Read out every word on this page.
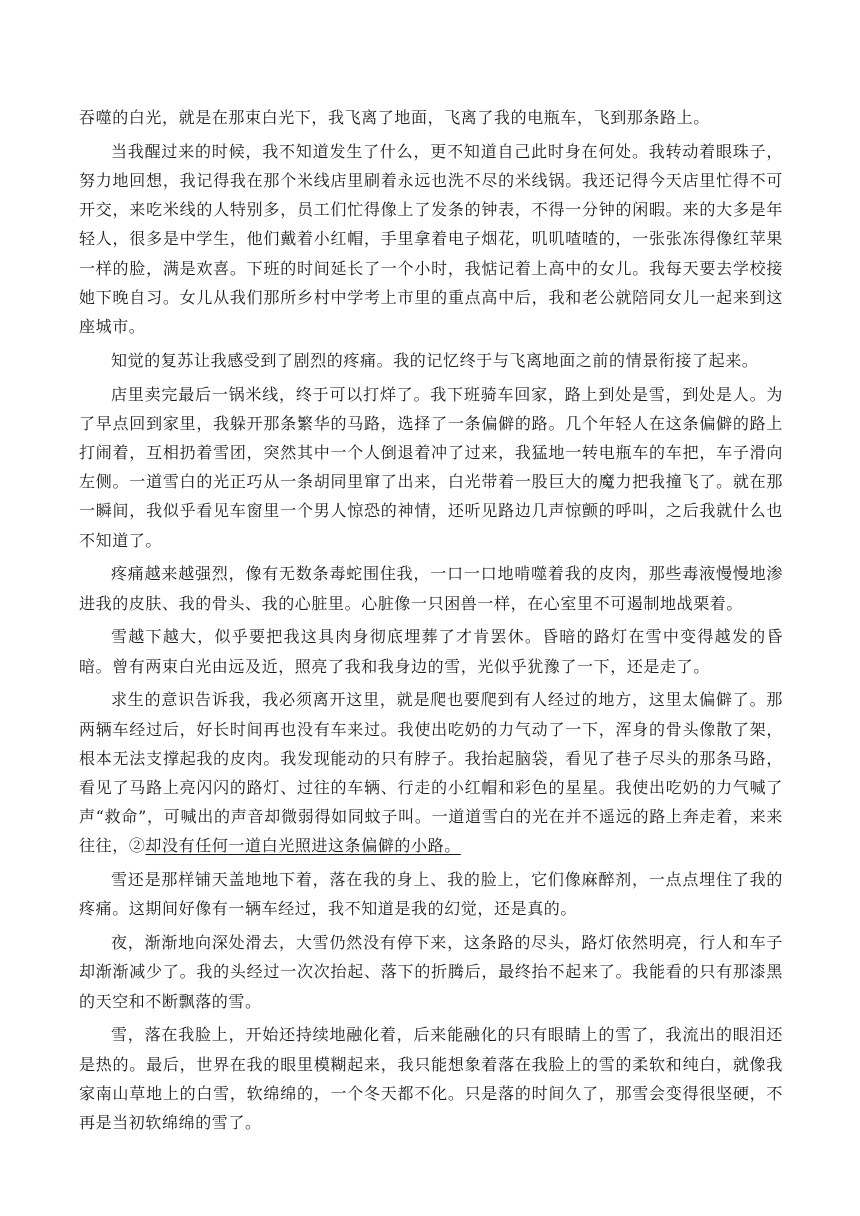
吞噬的白光，就是在那束白光下，我飞离了地面，飞离了我的电瓶车，飞到那条路上。

当我醒过来的时候，我不知道发生了什么，更不知道自己此时身在何处。我转动着眼珠子，努力地回想，我记得我在那个米线店里刷着永远也洗不尽的米线锅。我还记得今天店里忙得不可开交，来吃米线的人特别多，员工们忙得像上了发条的钟表，不得一分钟的闲暇。来的大多是年轻人，很多是中学生，他们戴着小红帽，手里拿着电子烟花，叽叽喳喳的，一张张冻得像红苹果一样的脸，满是欢喜。下班的时间延长了一个小时，我惦记着上高中的女儿。我每天要去学校接她下晚自习。女儿从我们那所乡村中学考上市里的重点高中后，我和老公就陪同女儿一起来到这座城市。

知觉的复苏让我感受到了剧烈的疼痛。我的记忆终于与飞离地面之前的情景衔接了起来。

店里卖完最后一锅米线，终于可以打烊了。我下班骑车回家，路上到处是雪，到处是人。为了早点回到家里，我躲开那条繁华的马路，选择了一条偏僻的路。几个年轻人在这条偏僻的路上打闹着，互相扔着雪团，突然其中一个人倒退着冲了过来，我猛地一转电瓶车的车把，车子滑向左侧。一道雪白的光正巧从一条胡同里窜了出来，白光带着一股巨大的魔力把我撞飞了。就在那一瞬间，我似乎看见车窗里一个男人惊恐的神情，还听见路边几声惊颤的呼叫，之后我就什么也不知道了。

疼痛越来越强烈，像有无数条毒蛇围住我，一口一口地啃噬着我的皮肉，那些毒液慢慢地渗进我的皮肤、我的骨头、我的心脏里。心脏像一只困兽一样，在心室里不可遏制地战栗着。

雪越下越大，似乎要把我这具肉身彻底埋葬了才肯罢休。昏暗的路灯在雪中变得越发的昏暗。曾有两束白光由远及近，照亮了我和我身边的雪，光似乎犹豫了一下，还是走了。

求生的意识告诉我，我必须离开这里，就是爬也要爬到有人经过的地方，这里太偏僻了。那两辆车经过后，好长时间再也没有车来过。我使出吃奶的力气动了一下，浑身的骨头像散了架，根本无法支撑起我的皮肉。我发现能动的只有脖子。我抬起脑袋，看见了巷子尽头的那条马路，看见了马路上亮闪闪的路灯、过往的车辆、行走的小红帽和彩色的星星。我使出吃奶的力气喊了声“救命”，可喊出的声音却微弱得如同蚊子叫。一道道雪白的光在并不遥远的路上奔走着，来来往往，②却没有任何一道白光照进这条偏僻的小路。

雪还是那样铺天盖地地下着，落在我的身上、我的脸上，它们像麻醉剂，一点点埋住了我的疼痛。这期间好像有一辆车经过，我不知道是我的幻觉，还是真的。

夜，渐渐地向深处滑去，大雪仍然没有停下来，这条路的尽头，路灯依然明亮，行人和车子却渐渐减少了。我的头经过一次次抬起、落下的折腾后，最终抬不起来了。我能看的只有那漆黑的天空和不断飘落的雪。

雪，落在我脸上，开始还持续地融化着，后来能融化的只有眼睛上的雪了，我流出的眼泪还是热的。最后，世界在我的眼里模糊起来，我只能想象着落在我脸上的雪的柔软和纯白，就像我家南山草地上的白雪，软绵绵的，一个冬天都不化。只是落的时间久了，那雪会变得很坚硬，不再是当初软绵绵的雪了。
